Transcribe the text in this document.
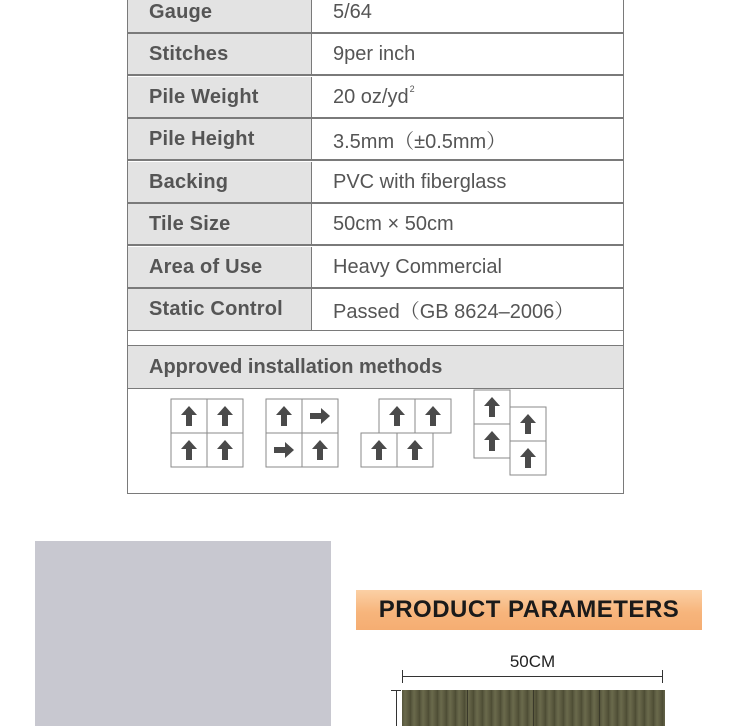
Gauge	5/64
Stitches	9per inch
Pile Weight	20 oz/yd 2
Pile Height	3.5mm（±0.5mm）
Backing	PVC with fiberglass
Tile Size	50cm × 50cm
Area of Use	Heavy Commercial
Static Control	Passed（GB 8624–2006）
Approved installation methods
PRODUCT PARAMETERS
50CM
